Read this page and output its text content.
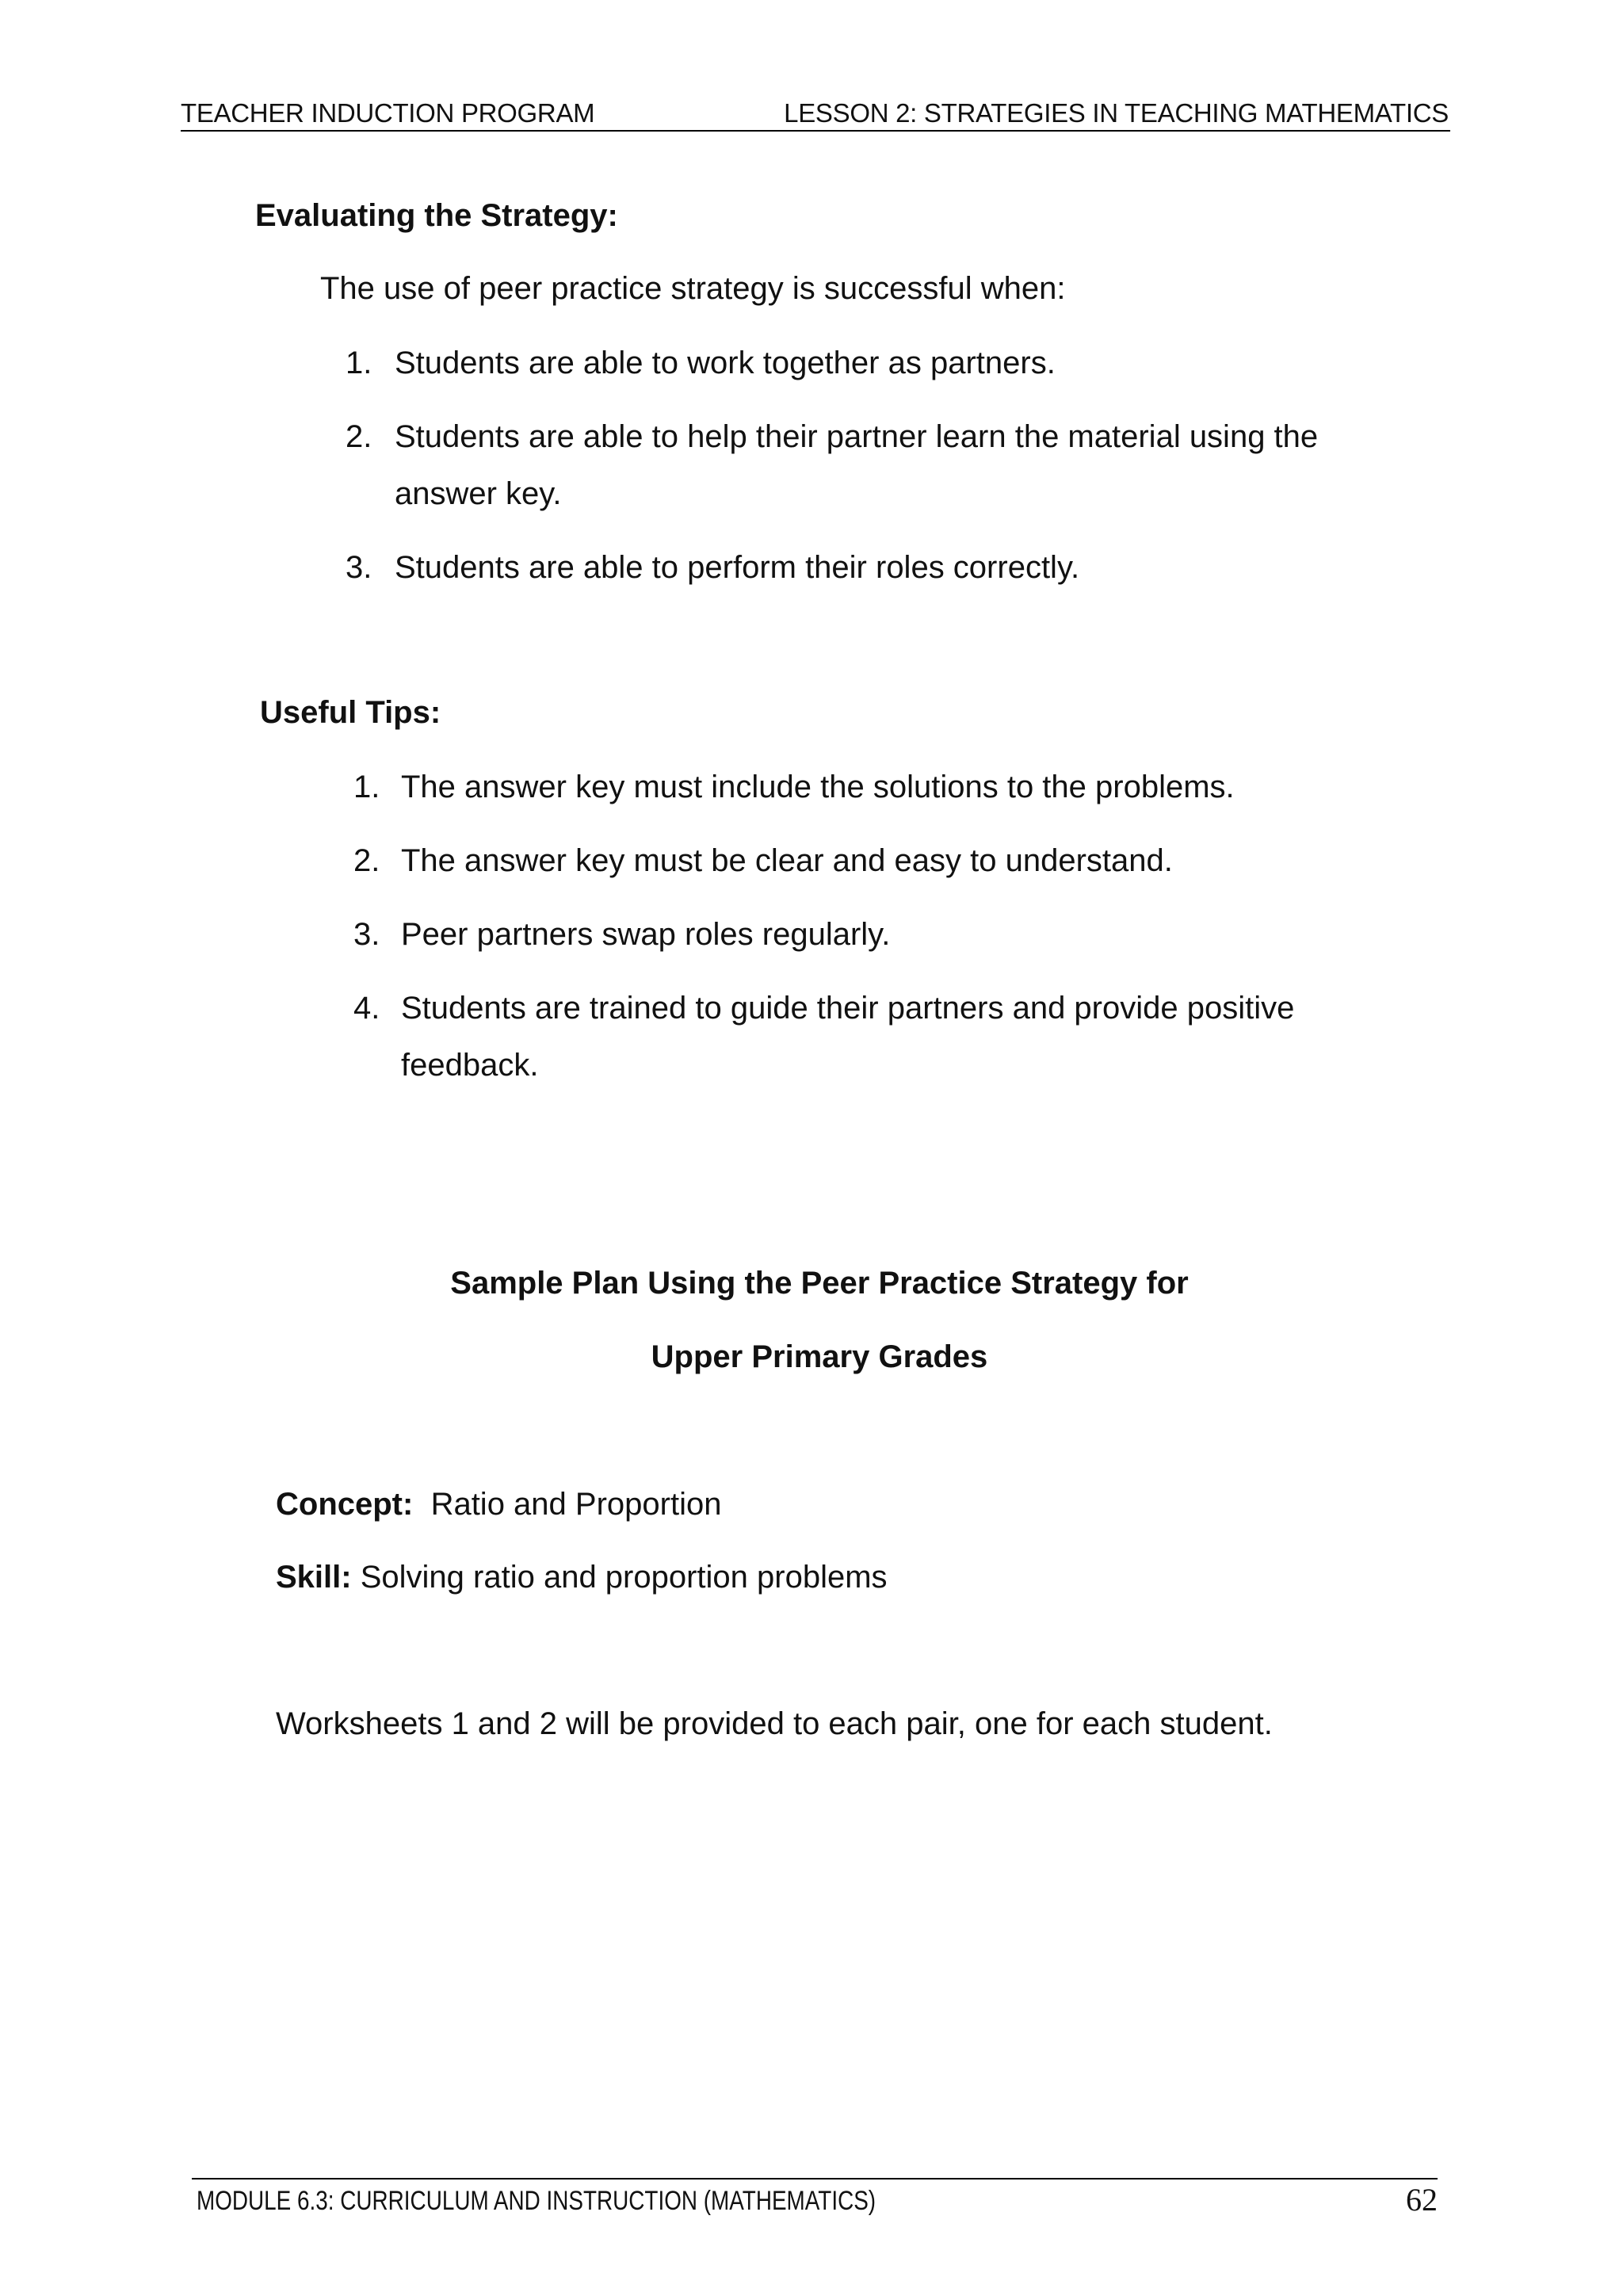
TEACHER INDUCTION PROGRAM	LESSON 2: STRATEGIES IN TEACHING MATHEMATICS
Evaluating the Strategy:
The use of peer practice strategy is successful when:
1. Students are able to work together as partners.
2. Students are able to help their partner learn the material using the answer key.
3. Students are able to perform their roles correctly.
Useful Tips:
1. The answer key must include the solutions to the problems.
2. The answer key must be clear and easy to understand.
3. Peer partners swap roles regularly.
4. Students are trained to guide their partners and provide positive feedback.
Sample Plan Using the Peer Practice Strategy for
Upper Primary Grades
Concept: Ratio and Proportion
Skill: Solving ratio and proportion problems
Worksheets 1 and 2 will be provided to each pair, one for each student.
MODULE 6.3: CURRICULUM AND INSTRUCTION (MATHEMATICS)	62
